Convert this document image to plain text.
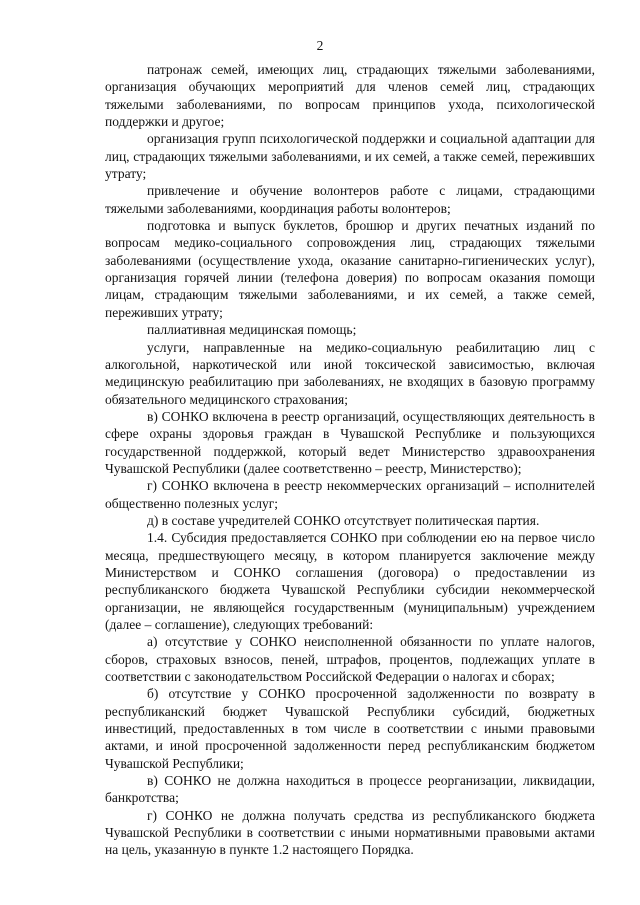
2

патронаж семей, имеющих лиц, страдающих тяжелыми заболеваниями, организация обучающих мероприятий для членов семей лиц, страдающих тяжелыми заболеваниями, по вопросам принципов ухода, психологической поддержки и другое;

организация групп психологической поддержки и социальной адаптации для лиц, страдающих тяжелыми заболеваниями, и их семей, а также семей, переживших утрату;

привлечение и обучение волонтеров работе с лицами, страдающими тяжелыми заболеваниями, координация работы волонтеров;

подготовка и выпуск буклетов, брошюр и других печатных изданий по вопросам медико-социального сопровождения лиц, страдающих тяжелыми заболеваниями (осуществление ухода, оказание санитарно-гигиенических услуг), организация горячей линии (телефона доверия) по вопросам оказания помощи лицам, страдающим тяжелыми заболеваниями, и их семей, а также семей, переживших утрату;

паллиативная медицинская помощь;

услуги, направленные на медико-социальную реабилитацию лиц с алкогольной, наркотической или иной токсической зависимостью, включая медицинскую реабилитацию при заболеваниях, не входящих в базовую программу обязательного медицинского страхования;

в) СОНКО включена в реестр организаций, осуществляющих деятельность в сфере охраны здоровья граждан в Чувашской Республике и пользующихся государственной поддержкой, который ведет Министерство здравоохранения Чувашской Республики (далее соответственно – реестр, Министерство);

г) СОНКО включена в реестр некоммерческих организаций – исполнителей общественно полезных услуг;

д) в составе учредителей СОНКО отсутствует политическая партия.

1.4. Субсидия предоставляется СОНКО при соблюдении ею на первое число месяца, предшествующего месяцу, в котором планируется заключение между Министерством и СОНКО соглашения (договора) о предоставлении из республиканского бюджета Чувашской Республики субсидии некоммерческой организации, не являющейся государственным (муниципальным) учреждением (далее – соглашение), следующих требований:

а) отсутствие у СОНКО неисполненной обязанности по уплате налогов, сборов, страховых взносов, пеней, штрафов, процентов, подлежащих уплате в соответствии с законодательством Российской Федерации о налогах и сборах;

б) отсутствие у СОНКО просроченной задолженности по возврату в республиканский бюджет Чувашской Республики субсидий, бюджетных инвестиций, предоставленных в том числе в соответствии с иными правовыми актами, и иной просроченной задолженности перед республиканским бюджетом Чувашской Республики;

в) СОНКО не должна находиться в процессе реорганизации, ликвидации, банкротства;

г) СОНКО не должна получать средства из республиканского бюджета Чувашской Республики в соответствии с иными нормативными правовыми актами на цель, указанную в пункте 1.2 настоящего Порядка.
